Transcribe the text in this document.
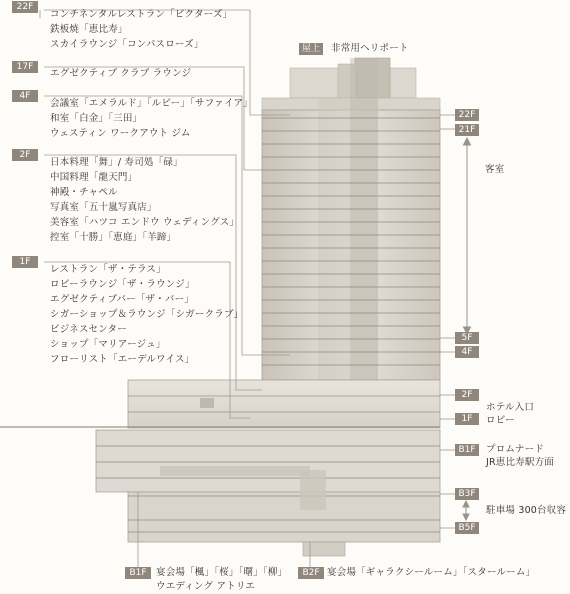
屋上	非常用ヘリポート
22F
コンチネンタルレストラン「ビクターズ」
鉄板焼「恵比寿」
スカイラウンジ「コンパスローズ」
17F
エグゼクティブ クラブ ラウンジ
4F
会議室「エメラルド」「ルビー」「サファイア」
和室「白金」「三田」
ウェスティン ワークアウト ジム
2F
日本料理「舞」/ 寿司処「碌」
中国料理「龍天門」
神殿・チャペル
写真室「五十嵐写真店」
美容室「ハツコ エンドウ ウェディングス」
控室「十勝」「恵庭」「羊蹄」
1F
レストラン「ザ・テラス」
ロビーラウンジ「ザ・ラウンジ」
エグゼクティブバー「ザ・バー」
シガーショップ＆ラウンジ「シガークラブ」
ビジネスセンター
ショップ「マリアージュ」
フローリスト「エーデルワイス」
22F
21F
客室
5F
4F
2F
ホテル入口
1F	ロビー
B1F	プロムナード
JR恵比寿駅方面
B3F
駐車場 300台収容
B5F
B1F 宴会場「楓」「桜」「曙」「柳」
ウエディング アトリエ
B2F 宴会場「ギャラクシールーム」「スタールーム」
